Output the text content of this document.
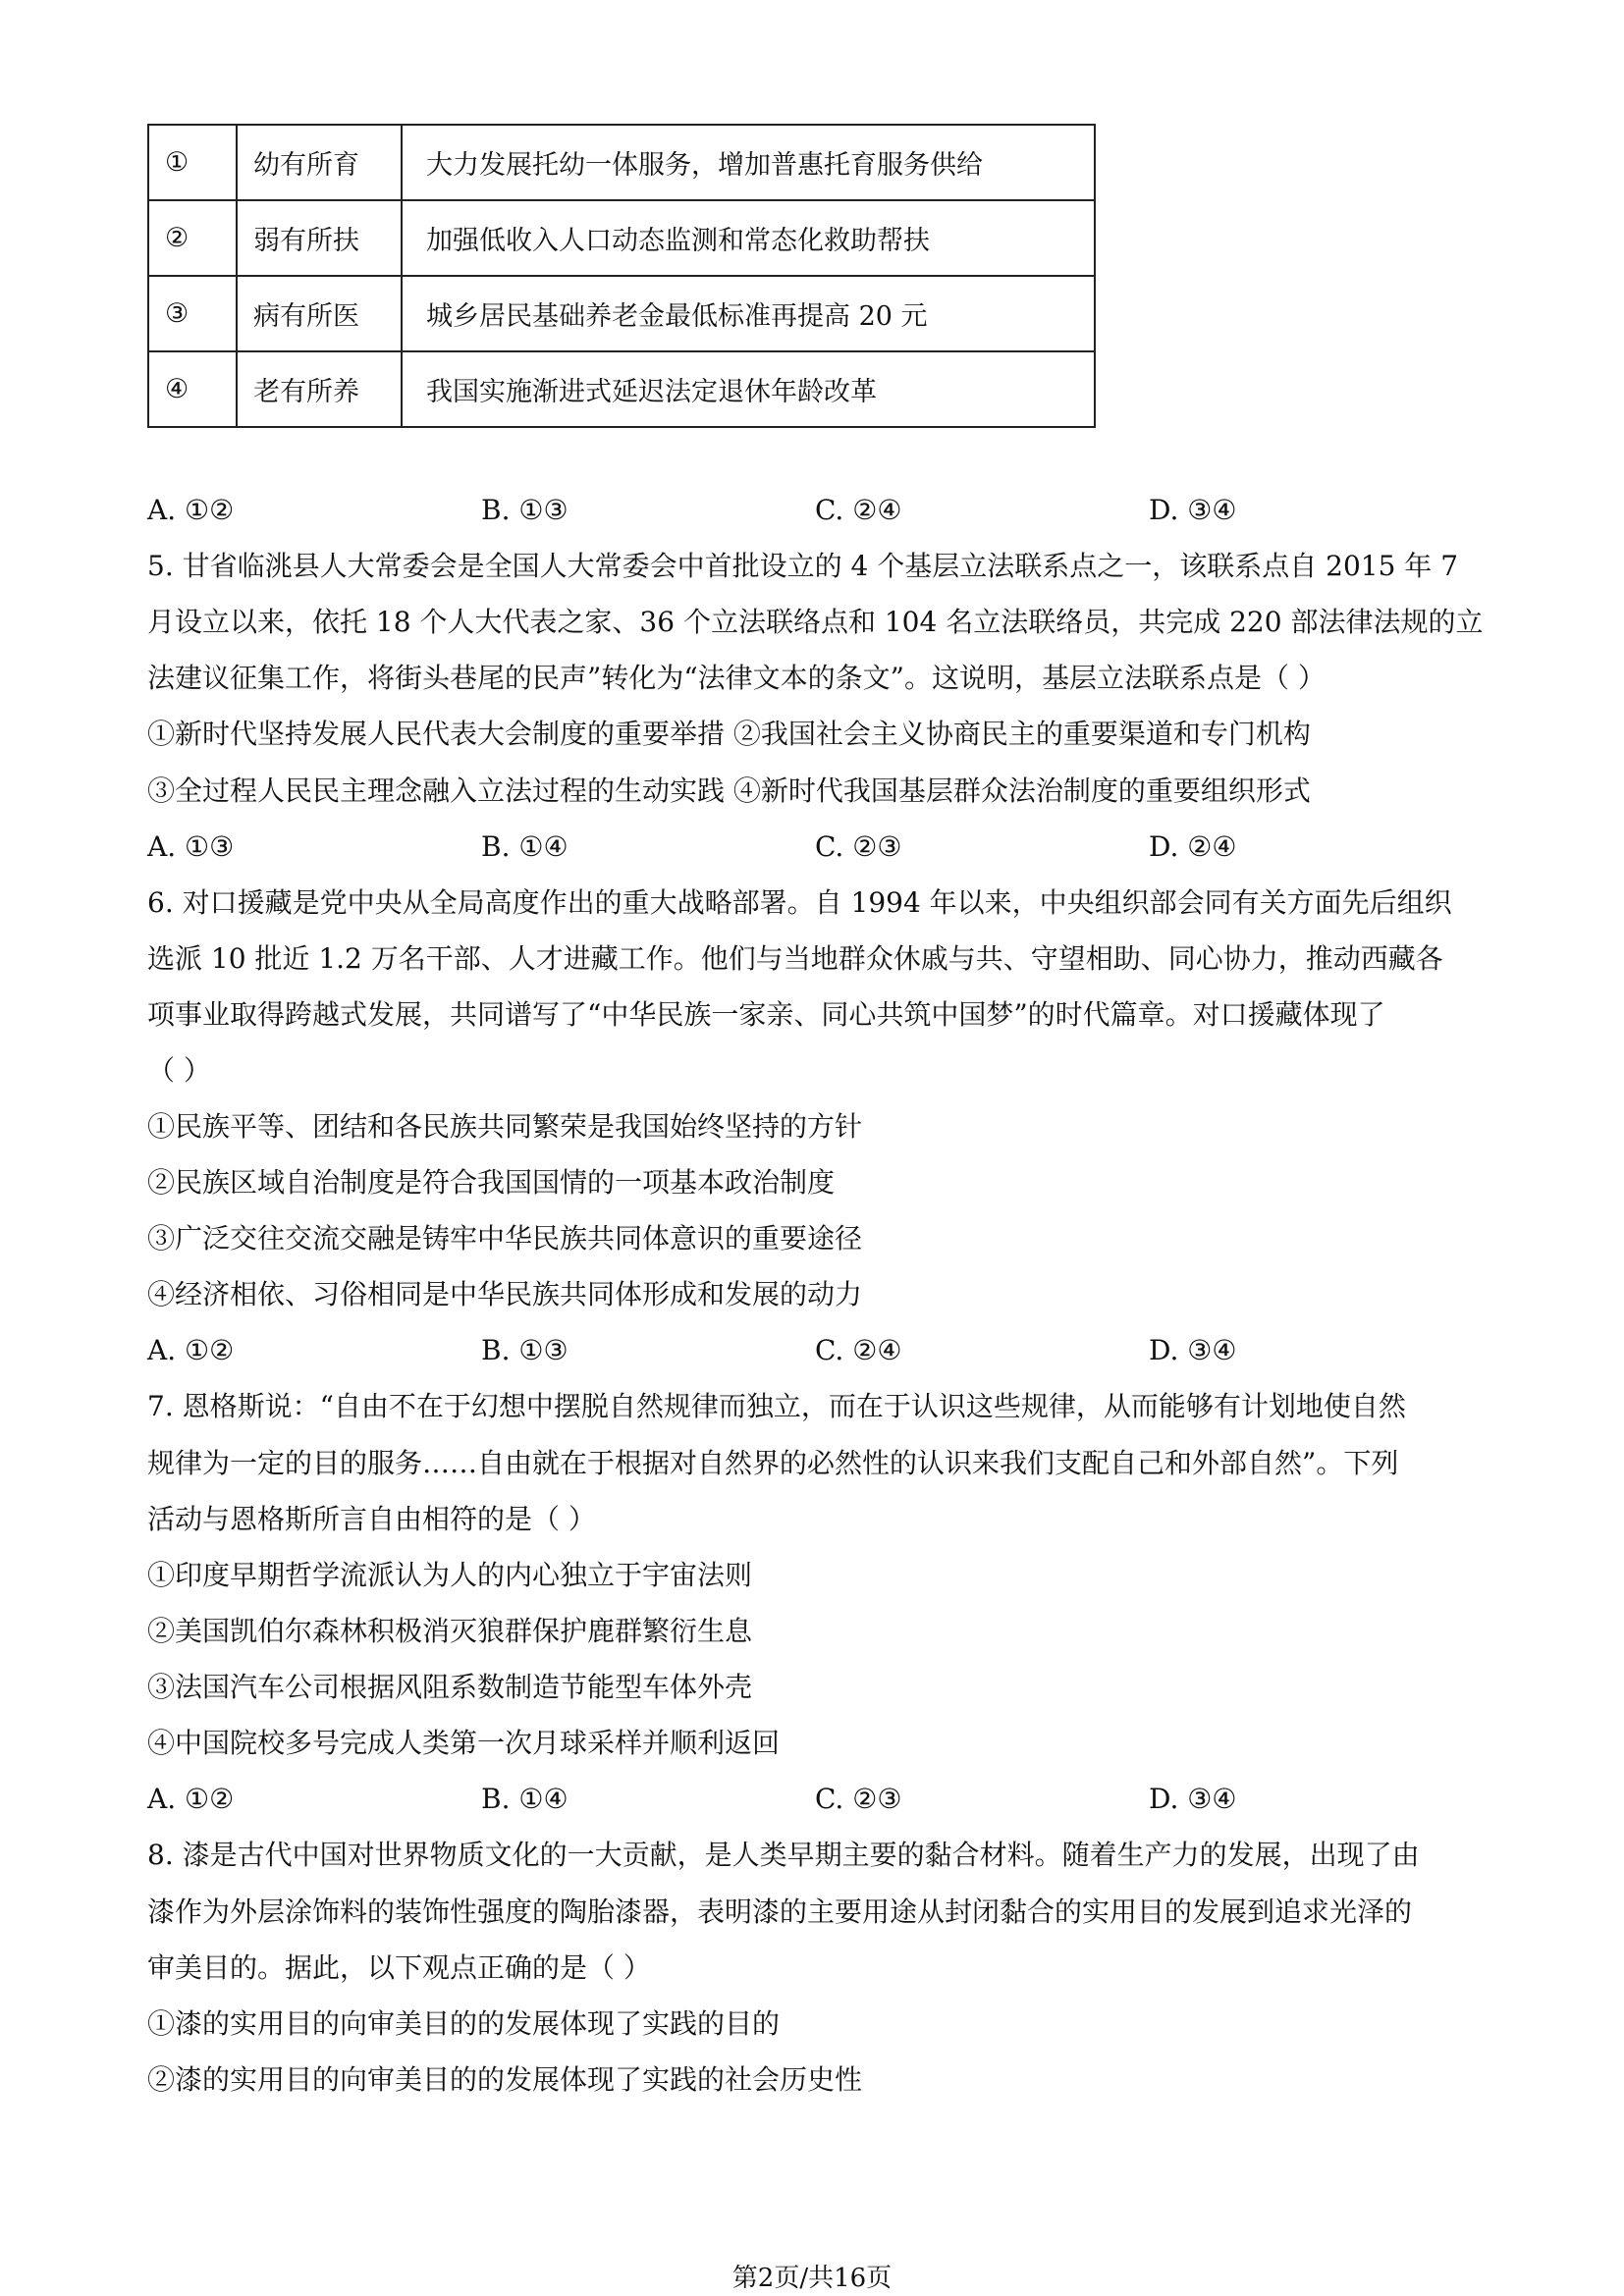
①	幼有所育	大力发展托幼一体服务，增加普惠托育服务供给
②	弱有所扶	加强低收入人口动态监测和常态化救助帮扶
③	病有所医	城乡居民基础养老金最低标准再提高 20 元
④	老有所养	我国实施渐进式延迟法定退休年龄改革
A. ①②	B. ①③	C. ②④	D. ③④
5. 甘省临洮县人大常委会是全国人大常委会中首批设立的 4 个基层立法联系点之一，该联系点自 2015 年 7
月设立以来，依托 18 个人大代表之家、36 个立法联络点和 104 名立法联络员，共完成 220 部法律法规的立
法建议征集工作，将街头巷尾的民声”转化为“法律文本的条文”。这说明，基层立法联系点是（ ）
①新时代坚持发展人民代表大会制度的重要举措 ②我国社会主义协商民主的重要渠道和专门机构
③全过程人民民主理念融入立法过程的生动实践 ④新时代我国基层群众法治制度的重要组织形式
A. ①③	B. ①④	C. ②③	D. ②④
6. 对口援藏是党中央从全局高度作出的重大战略部署。自 1994 年以来，中央组织部会同有关方面先后组织
选派 10 批近 1.2 万名干部、人才进藏工作。他们与当地群众休戚与共、守望相助、同心协力，推动西藏各
项事业取得跨越式发展，共同谱写了“中华民族一家亲、同心共筑中国梦”的时代篇章。对口援藏体现了
（ ）
①民族平等、团结和各民族共同繁荣是我国始终坚持的方针
②民族区域自治制度是符合我国国情的一项基本政治制度
③广泛交往交流交融是铸牢中华民族共同体意识的重要途径
④经济相依、习俗相同是中华民族共同体形成和发展的动力
A. ①②	B. ①③	C. ②④	D. ③④
7. 恩格斯说：“自由不在于幻想中摆脱自然规律而独立，而在于认识这些规律，从而能够有计划地使自然
规律为一定的目的服务……自由就在于根据对自然界的必然性的认识来我们支配自己和外部自然”。下列
活动与恩格斯所言自由相符的是（ ）
①印度早期哲学流派认为人的内心独立于宇宙法则
②美国凯伯尔森林积极消灭狼群保护鹿群繁衍生息
③法国汽车公司根据风阻系数制造节能型车体外壳
④中国院校多号完成人类第一次月球采样并顺利返回
A. ①②	B. ①④	C. ②③	D. ③④
8. 漆是古代中国对世界物质文化的一大贡献，是人类早期主要的黏合材料。随着生产力的发展，出现了由
漆作为外层涂饰料的装饰性强度的陶胎漆器，表明漆的主要用途从封闭黏合的实用目的发展到追求光泽的
审美目的。据此，以下观点正确的是（ ）
①漆的实用目的向审美目的的发展体现了实践的目的
②漆的实用目的向审美目的的发展体现了实践的社会历史性
第2页/共16页
